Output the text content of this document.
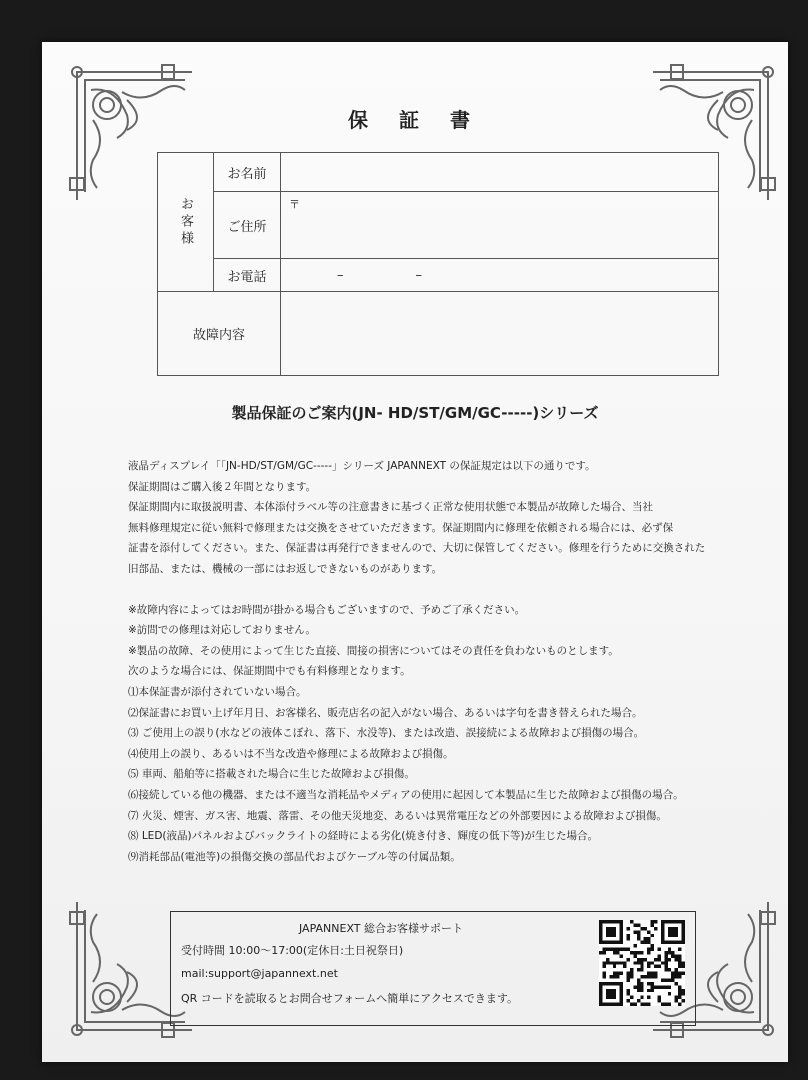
保 証 書
お客様	お名前	
	ご住所	〒
	お電話	– –
故障内容		
製品保証のご案内(JN- HD/ST/GM/GC-----)シリーズ

液晶ディスプレイ「「JN-HD/ST/GM/GC-----」シリーズ JAPANNEXT の保証規定は以下の通りです。

保証期間はご購入後２年間となります。

保証期間内に取扱説明書、本体添付ラベル等の注意書きに基づく正常な使用状態で本製品が故障した場合、当社

無料修理規定に従い無料で修理または交換をさせていただきます。保証期間内に修理を依頼される場合には、必ず保

証書を添付してください。また、保証書は再発行できませんので、大切に保管してください。修理を行うために交換された

旧部品、または、機械の一部にはお返しできないものがあります。

※故障内容によってはお時間が掛かる場合もございますので、予めご了承ください。

※訪問での修理は対応しておりません。

※製品の故障、その使用によって生じた直接、間接の損害についてはその責任を負わないものとします。

次のような場合には、保証期間中でも有料修理となります。

⑴本保証書が添付されていない場合。

⑵保証書にお買い上げ年月日、お客様名、販売店名の記入がない場合、あるいは字句を書き替えられた場合。

⑶ ご使用上の誤り(水などの液体こぼれ、落下、水没等)、または改造、誤接続による故障および損傷の場合。

⑷使用上の誤り、あるいは不当な改造や修理による故障および損傷。

⑸ 車両、船舶等に搭載された場合に生じた故障および損傷。

⑹接続している他の機器、または不適当な消耗品やメディアの使用に起因して本製品に生じた故障および損傷の場合。

⑺ 火災、煙害、ガス害、地震、落雷、その他天災地変、あるいは異常電圧などの外部要因による故障および損傷。

⑻ LED(液晶)パネルおよびバックライトの経時による劣化(焼き付き、輝度の低下等)が生じた場合。

⑼消耗部品(電池等)の損傷交換の部品代およびケーブル等の付属品類。

JAPANNEXT 総合お客様サポート
受付時間 10:00～17:00(定休日:土日祝祭日)
mail:support@japannext.net
QR コードを読取るとお問合せフォームへ簡単にアクセスできます。
